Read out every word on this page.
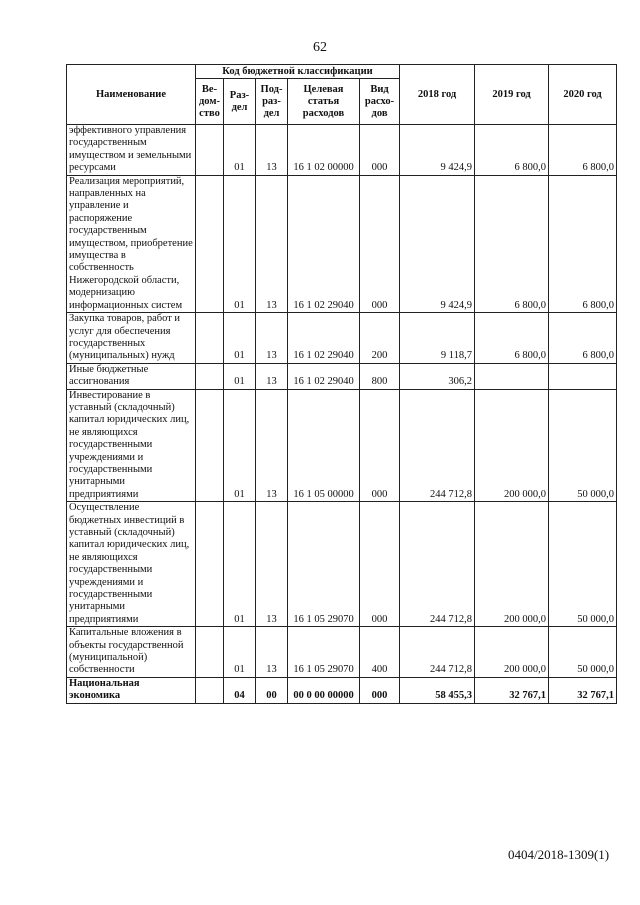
62
Наименование	Код бюджетной классификации					2018 год	2019 год	2020 год
	Ве-дом-ство	Раз-дел	Под-раз-дел	Целевая статья расходов	Вид расхо-дов			
эффективного управления государственным имуществом и земельными ресурсами		01	13	16 1 02 00000	000	9 424,9	6 800,0	6 800,0
Реализация мероприятий, направленных на управление и распоряжение государственным имуществом, приобретение имущества в собственность Нижегородской области, модернизацию информационных систем		01	13	16 1 02 29040	000	9 424,9	6 800,0	6 800,0
Закупка товаров, работ и услуг для обеспечения государственных (муниципальных) нужд		01	13	16 1 02 29040	200	9 118,7	6 800,0	6 800,0
Иные бюджетные ассигнования		01	13	16 1 02 29040	800	306,2		
Инвестирование в уставный (складочный) капитал юридических лиц, не являющихся государственными учреждениями и государственными унитарными предприятиями		01	13	16 1 05 00000	000	244 712,8	200 000,0	50 000,0
Осуществление бюджетных инвестиций в уставный (складочный) капитал юридических лиц, не являющихся государственными учреждениями и государственными унитарными предприятиями		01	13	16 1 05 29070	000	244 712,8	200 000,0	50 000,0
Капитальные вложения в объекты государственной (муниципальной) собственности		01	13	16 1 05 29070	400	244 712,8	200 000,0	50 000,0
Национальная экономика		04	00	00 0 00 00000	000	58 455,3	32 767,1	32 767,1
0404/2018-1309(1)
